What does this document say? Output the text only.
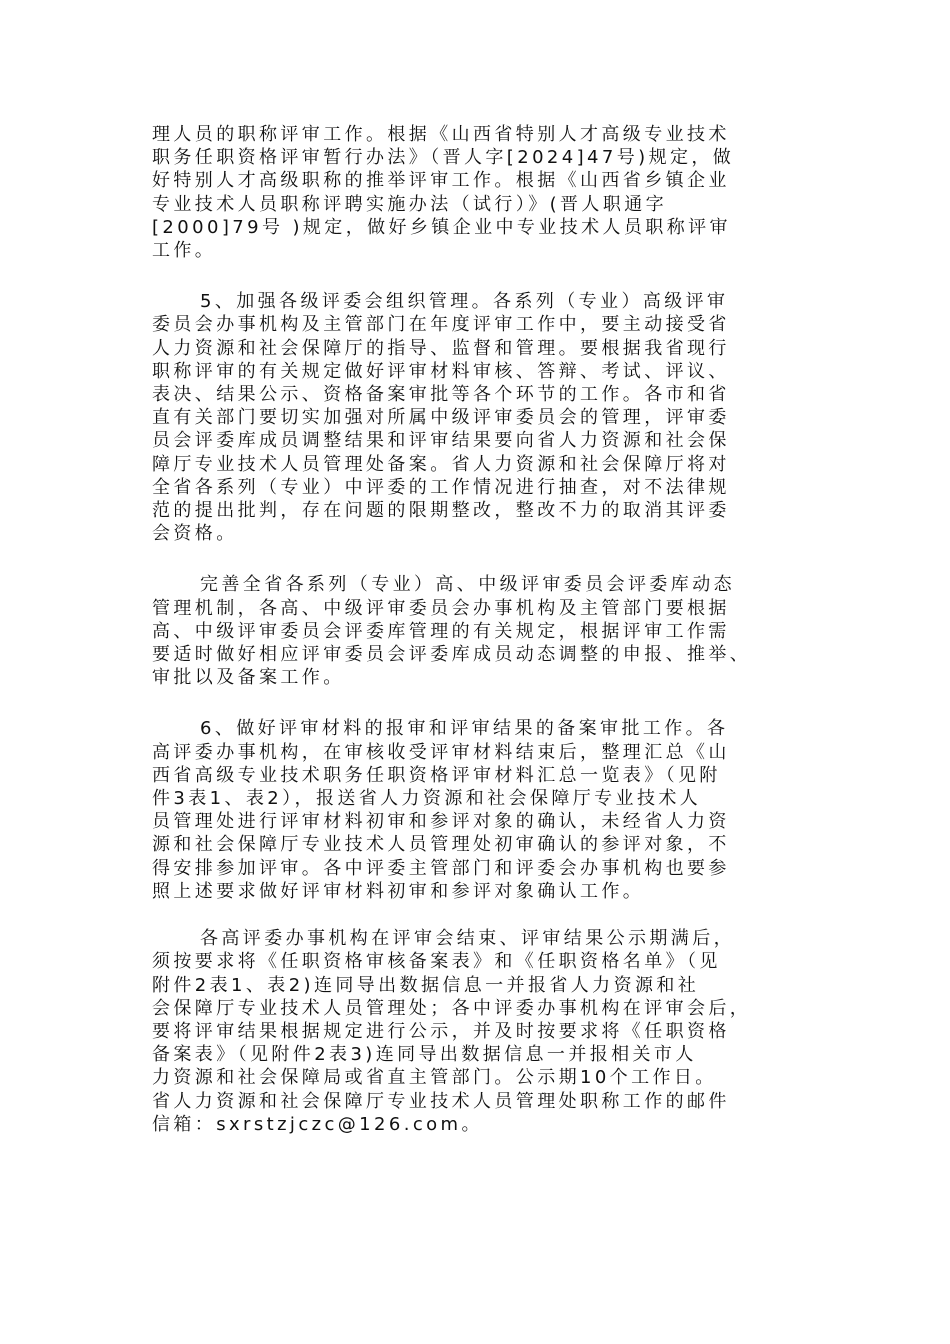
理人员的职称评审工作。根据《山西省特别人才高级专业技术
职务任职资格评审暂行办法》（晋人字[2024]47号)规定，做
好特别人才高级职称的推举评审工作。根据《山西省乡镇企业
专业技术人员职称评聘实施办法（试行）》(晋人职通字
[2000]79号 )规定，做好乡镇企业中专业技术人员职称评审
工作。
5、加强各级评委会组织管理。各系列（专业）高级评审
委员会办事机构及主管部门在年度评审工作中，要主动接受省
人力资源和社会保障厅的指导、监督和管理。要根据我省现行
职称评审的有关规定做好评审材料审核、答辩、考试、评议、
表决、结果公示、资格备案审批等各个环节的工作。各市和省
直有关部门要切实加强对所属中级评审委员会的管理，评审委
员会评委库成员调整结果和评审结果要向省人力资源和社会保
障厅专业技术人员管理处备案。省人力资源和社会保障厅将对
全省各系列（专业）中评委的工作情况进行抽查，对不法律规
范的提出批判，存在问题的限期整改，整改不力的取消其评委
会资格。
完善全省各系列（专业）高、中级评审委员会评委库动态
管理机制，各高、中级评审委员会办事机构及主管部门要根据
高、中级评审委员会评委库管理的有关规定，根据评审工作需
要适时做好相应评审委员会评委库成员动态调整的申报、推举、
审批以及备案工作。
6、做好评审材料的报审和评审结果的备案审批工作。各
高评委办事机构，在审核收受评审材料结束后，整理汇总《山
西省高级专业技术职务任职资格评审材料汇总一览表》（见附
件3表1、表2），报送省人力资源和社会保障厅专业技术人
员管理处进行评审材料初审和参评对象的确认，未经省人力资
源和社会保障厅专业技术人员管理处初审确认的参评对象，不
得安排参加评审。各中评委主管部门和评委会办事机构也要参
照上述要求做好评审材料初审和参评对象确认工作。
各高评委办事机构在评审会结束、评审结果公示期满后，
须按要求将《任职资格审核备案表》和《任职资格名单》（见
附件2表1、表2)连同导出数据信息一并报省人力资源和社
会保障厅专业技术人员管理处；各中评委办事机构在评审会后，
要将评审结果根据规定进行公示，并及时按要求将《任职资格
备案表》（见附件2表3)连同导出数据信息一并报相关市人
力资源和社会保障局或省直主管部门。公示期10个工作日。
省人力资源和社会保障厅专业技术人员管理处职称工作的邮件
信箱：sxrstzjczc@126.com。
